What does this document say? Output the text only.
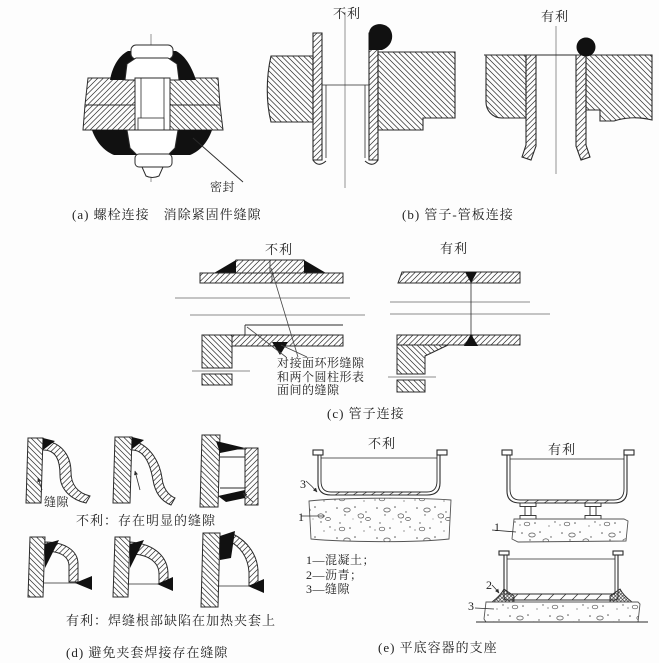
不利	有利
密封
(a) 螺栓连接　消除紧固件缝隙	(b) 管子-管板连接
不利	有利
对接面环形缝隙
和两个圆柱形表
面间的缝隙
(c) 管子连接
缝隙
不利：存在明显的缝隙
有利：焊缝根部缺陷在加热夹套上
(d) 避免夹套焊接存在缝隙
不利	有利
1—混凝土；
2—沥青；
3—缝隙
(e) 平底容器的支座
3
1
1
2
3
